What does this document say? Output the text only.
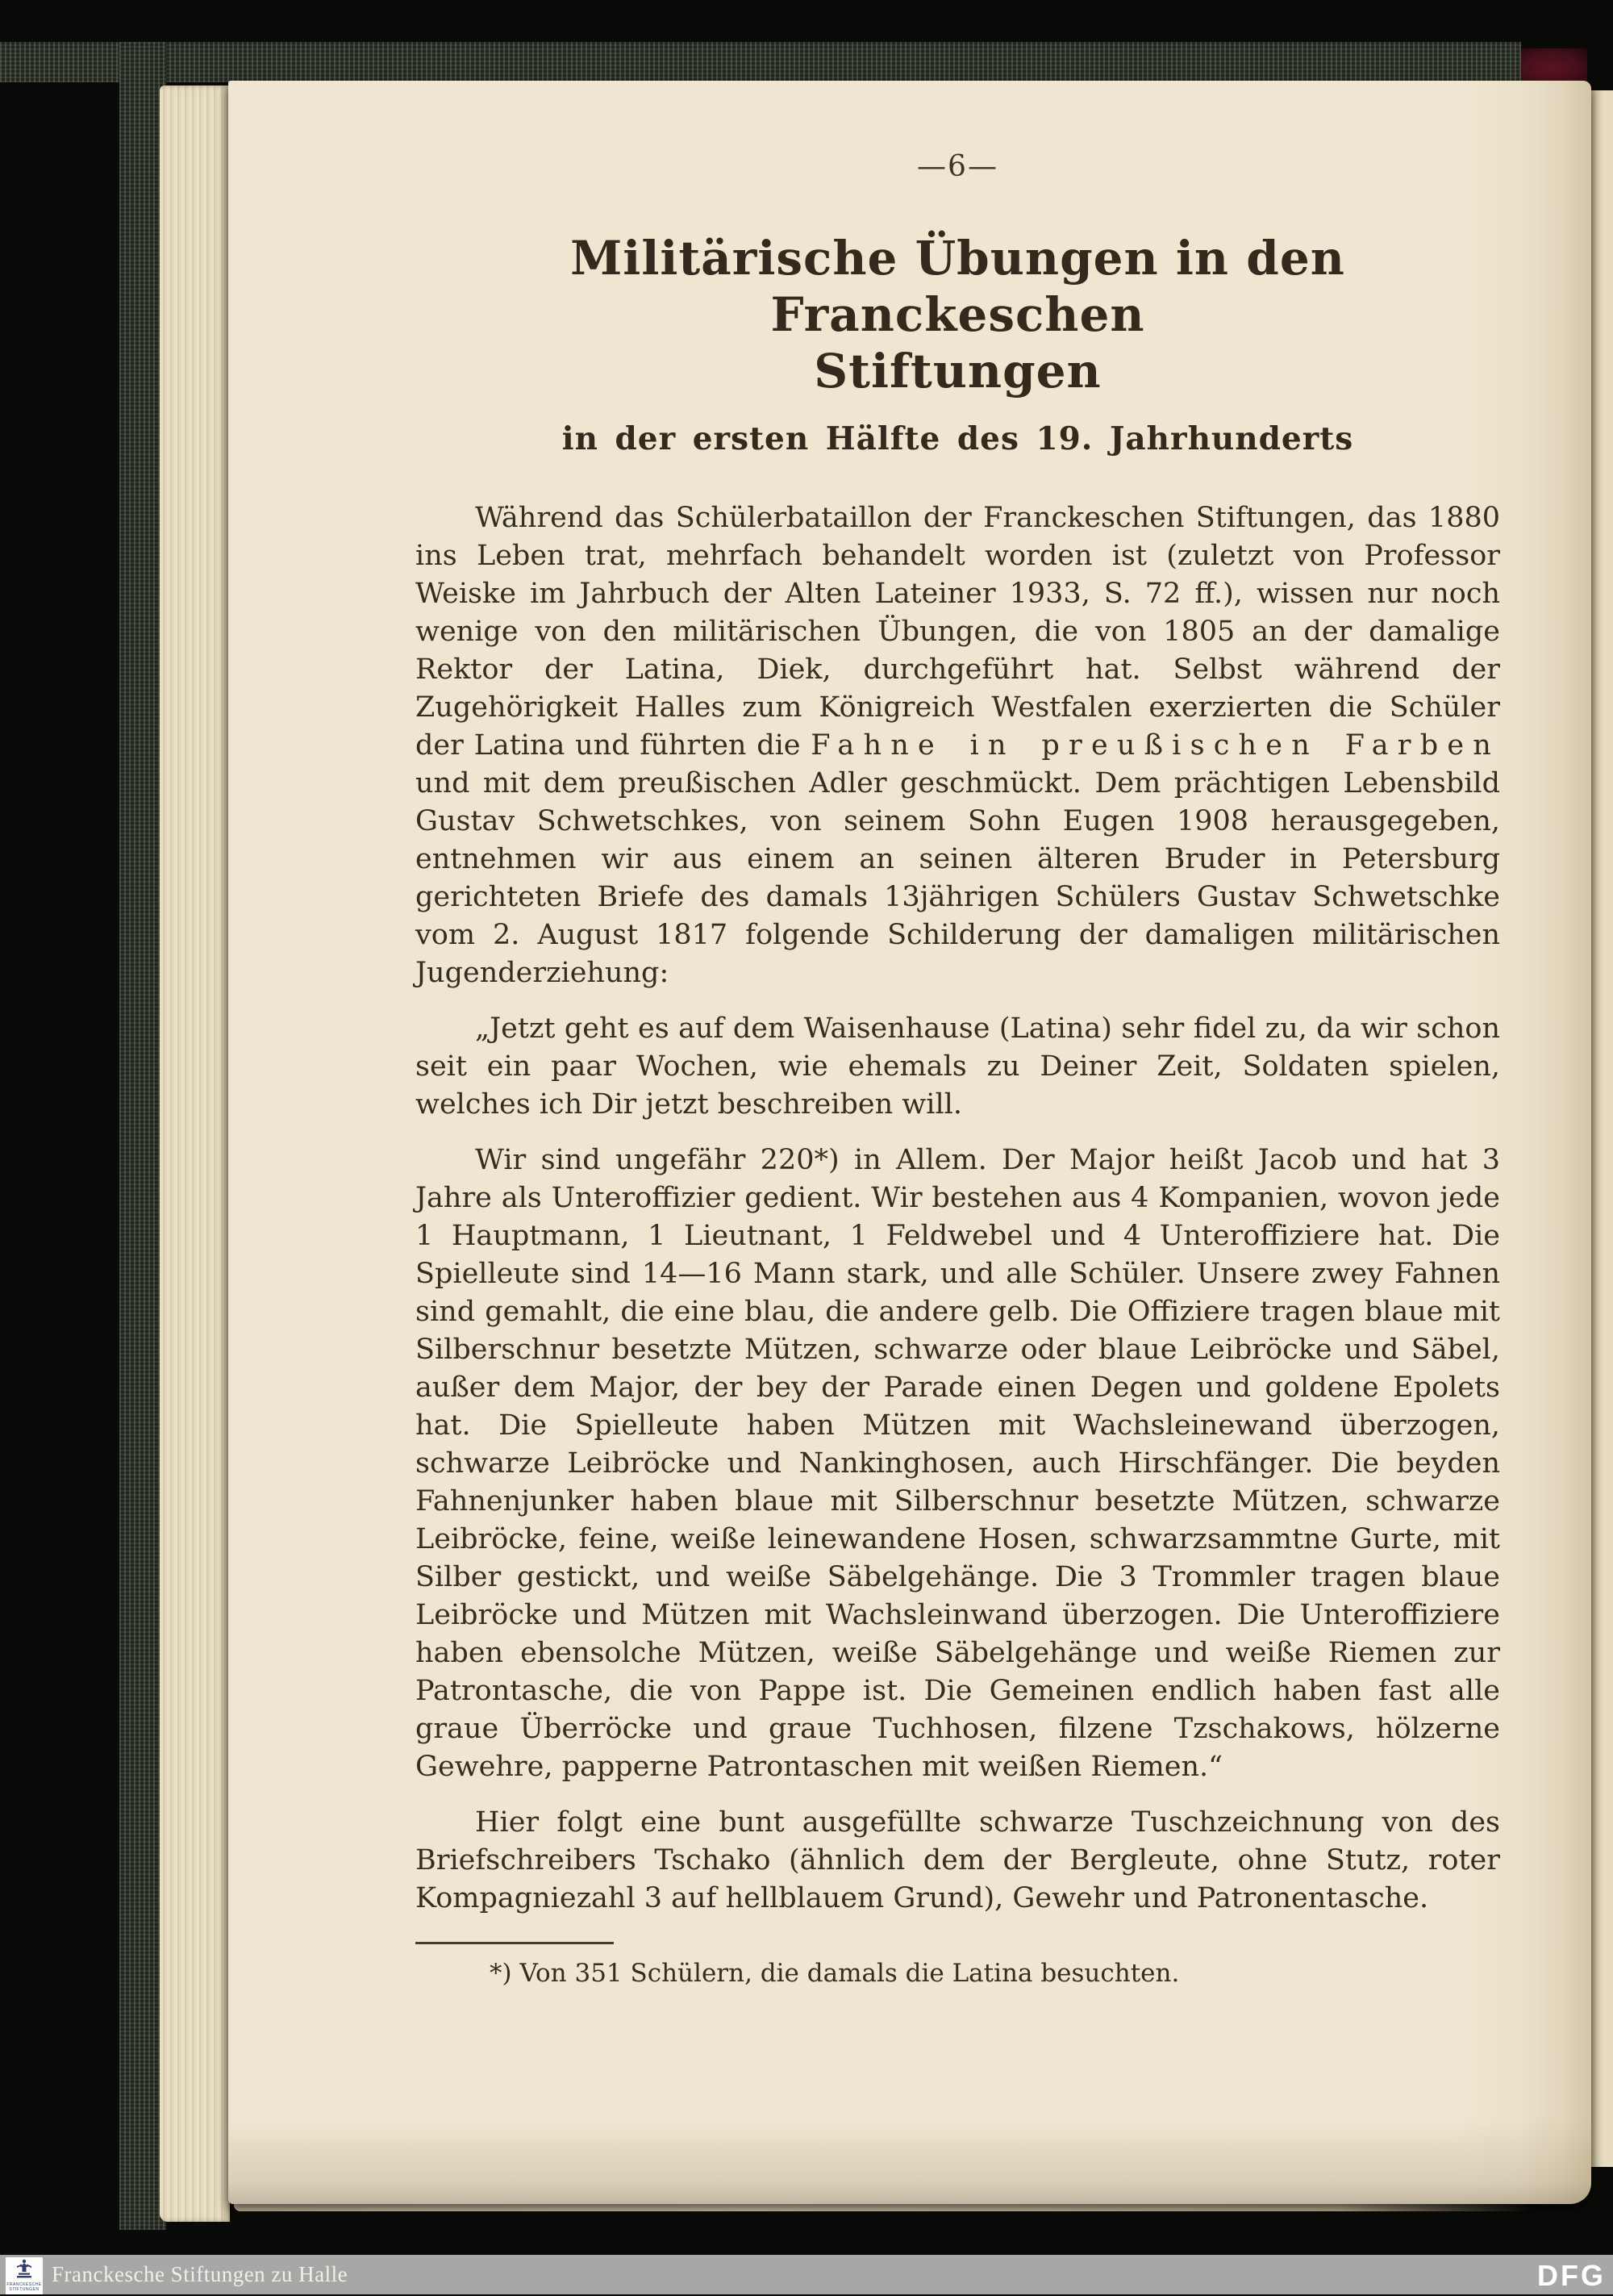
—6—
Militärische Übungen in den Franckeschen
Stiftungen
in der ersten Hälfte des 19. Jahrhunderts

Während das Schülerbataillon der Franckeschen Stiftungen, das 1880 ins Leben trat, mehrfach behandelt worden ist (zuletzt von Professor Weiske im Jahrbuch der Alten Lateiner 1933, S. 72 ff.), wissen nur noch wenige von den militärischen Übungen, die von 1805 an der damalige Rektor der Latina, Diek, durchgeführt hat. Selbst während der Zugehörigkeit Halles zum Königreich Westfalen exerzierten die Schüler der Latina und führten die Fahne in preußischen Farben und mit dem preußischen Adler geschmückt. Dem prächtigen Lebensbild Gustav Schwetschkes, von seinem Sohn Eugen 1908 herausgegeben, entnehmen wir aus einem an seinen älteren Bruder in Petersburg gerichteten Briefe des damals 13jährigen Schülers Gustav Schwetschke vom 2. August 1817 folgende Schilderung der damaligen militärischen Jugenderziehung:

„Jetzt geht es auf dem Waisenhause (Latina) sehr fidel zu, da wir schon seit ein paar Wochen, wie ehemals zu Deiner Zeit, Soldaten spielen, welches ich Dir jetzt beschreiben will.

Wir sind ungefähr 220*) in Allem. Der Major heißt Jacob und hat 3 Jahre als Unteroffizier gedient. Wir bestehen aus 4 Kompanien, wovon jede 1 Hauptmann, 1 Lieutnant, 1 Feldwebel und 4 Unteroffiziere hat. Die Spielleute sind 14—16 Mann stark, und alle Schüler. Unsere zwey Fahnen sind gemahlt, die eine blau, die andere gelb. Die Offiziere tragen blaue mit Silberschnur besetzte Mützen, schwarze oder blaue Leibröcke und Säbel, außer dem Major, der bey der Parade einen Degen und goldene Epolets hat. Die Spielleute haben Mützen mit Wachsleinewand überzogen, schwarze Leibröcke und Nankinghosen, auch Hirschfänger. Die beyden Fahnenjunker haben blaue mit Silberschnur besetzte Mützen, schwarze Leibröcke, feine, weiße leinewandene Hosen, schwarzsammtne Gurte, mit Silber gestickt, und weiße Säbelgehänge. Die 3 Trommler tragen blaue Leibröcke und Mützen mit Wachsleinwand überzogen. Die Unteroffiziere haben ebensolche Mützen, weiße Säbelgehänge und weiße Riemen zur Patrontasche, die von Pappe ist. Die Gemeinen endlich haben fast alle graue Überröcke und graue Tuchhosen, filzene Tzschakows, hölzerne Gewehre, papperne Patrontaschen mit weißen Riemen.“

Hier folgt eine bunt ausgefüllte schwarze Tuschzeichnung von des Briefschreibers Tschako (ähnlich dem der Bergleute, ohne Stutz, roter Kompagniezahl 3 auf hellblauem Grund), Gewehr und Patronentasche.

*) Von 351 Schülern, die damals die Latina besuchten.
Franckesche Stiftungen zu Halle	DFG
FRANCKESCHE
STIFTUNGEN
